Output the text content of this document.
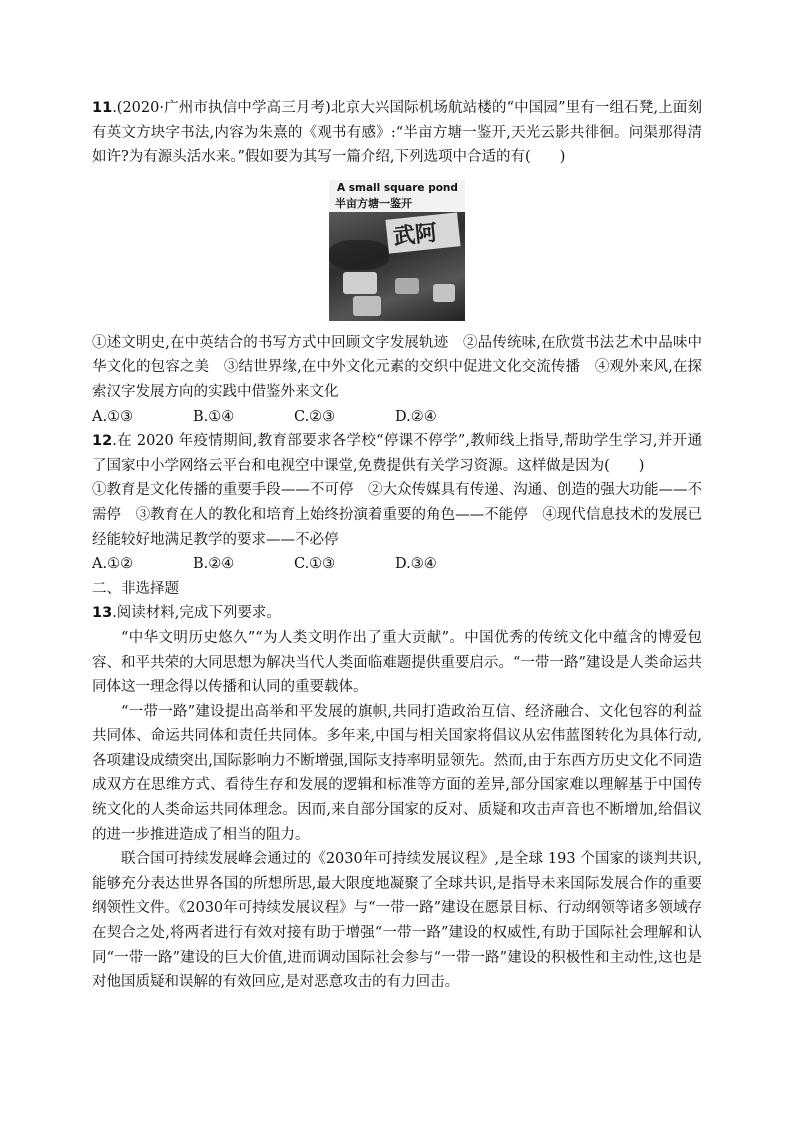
11.(2020·广州市执信中学高三月考)北京大兴国际机场航站楼的“中国园”里有一组石凳,上面刻有英文方块字书法,内容为朱熹的《观书有感》:“半亩方塘一鉴开,天光云影共徘徊。问渠那得清如许?为有源头活水来。”假如要为其写一篇介绍,下列选项中合适的有(　　)

A small square pond
半亩方塘一鉴开
武阿

①述文明史,在中英结合的书写方式中回顾文字发展轨迹　②品传统味,在欣赏书法艺术中品味中华文化的包容之美　③结世界缘,在中外文化元素的交织中促进文化交流传播　④观外来风,在探索汉字发展方向的实践中借鉴外来文化

A.①③	B.①④	C.②③	D.②④

12.在 2020 年疫情期间,教育部要求各学校“停课不停学”,教师线上指导,帮助学生学习,并开通了国家中小学网络云平台和电视空中课堂,免费提供有关学习资源。这样做是因为(　　)

①教育是文化传播的重要手段——不可停　②大众传媒具有传递、沟通、创造的强大功能——不需停　③教育在人的教化和培育上始终扮演着重要的角色——不能停　④现代信息技术的发展已经能较好地满足教学的要求——不必停

A.①②	B.②④	C.①③	D.③④

二、非选择题

13.阅读材料,完成下列要求。

“中华文明历史悠久”“为人类文明作出了重大贡献”。中国优秀的传统文化中蕴含的博爱包容、和平共荣的大同思想为解决当代人类面临难题提供重要启示。“一带一路”建设是人类命运共同体这一理念得以传播和认同的重要载体。

“一带一路”建设提出高举和平发展的旗帜,共同打造政治互信、经济融合、文化包容的利益共同体、命运共同体和责任共同体。多年来,中国与相关国家将倡议从宏伟蓝图转化为具体行动,各项建设成绩突出,国际影响力不断增强,国际支持率明显领先。然而,由于东西方历史文化不同造成双方在思维方式、看待生存和发展的逻辑和标准等方面的差异,部分国家难以理解基于中国传统文化的人类命运共同体理念。因而,来自部分国家的反对、质疑和攻击声音也不断增加,给倡议的进一步推进造成了相当的阻力。

联合国可持续发展峰会通过的《2030年可持续发展议程》,是全球 193 个国家的谈判共识,能够充分表达世界各国的所想所思,最大限度地凝聚了全球共识,是指导未来国际发展合作的重要纲领性文件。《2030年可持续发展议程》与“一带一路”建设在愿景目标、行动纲领等诸多领域存在契合之处,将两者进行有效对接有助于增强“一带一路”建设的权威性,有助于国际社会理解和认同“一带一路”建设的巨大价值,进而调动国际社会参与“一带一路”建设的积极性和主动性,这也是对他国质疑和误解的有效回应,是对恶意攻击的有力回击。
